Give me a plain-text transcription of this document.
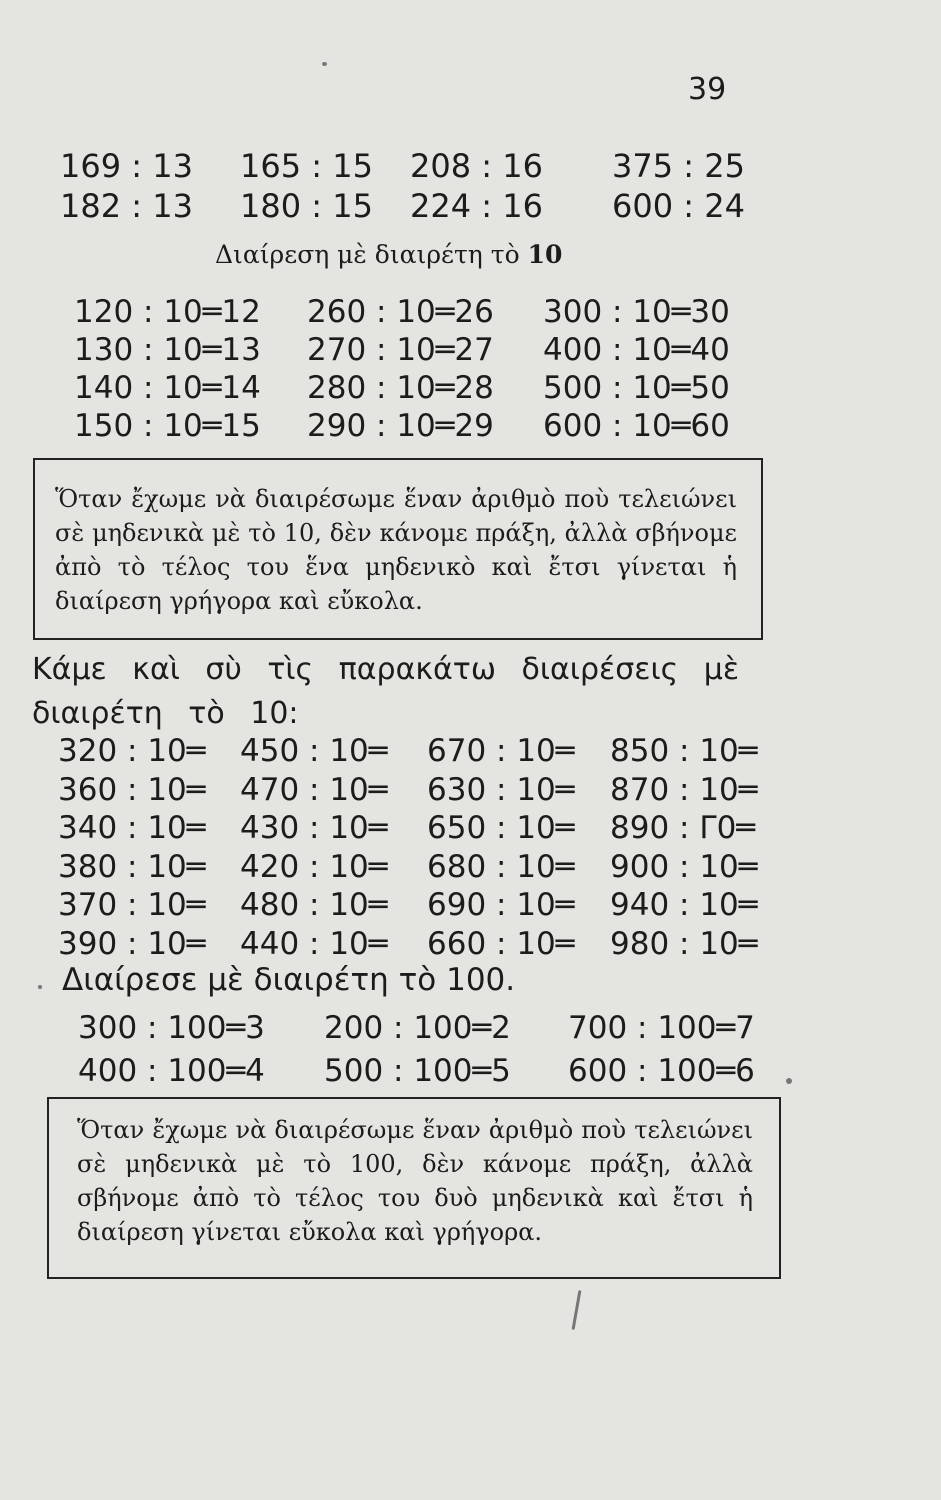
39
169 : 13
182 : 13
165 : 15
180 : 15
208 : 16
224 : 16
375 : 25
600 : 24
Διαίρεση μὲ διαιρέτη τὸ 10
120 : 10═12
130 : 10═13
140 : 10═14
150 : 10═15
260 : 10═26
270 : 10═27
280 : 10═28
290 : 10═29
300 : 10═30
400 : 10═40
500 : 10═50
600 : 10═60

Ὅταν ἔχωμε νὰ διαιρέσωμε ἕναν ἀριθμὸ ποὺ τελειώνει σὲ μηδενικὰ μὲ τὸ 10, δὲν κάνομε πράξη, ἀλλὰ σβήνομε ἀπὸ τὸ τέλος του ἕνα μηδενικὸ καὶ ἔτσι γίνεται ἡ διαίρεση γρήγορα καὶ εὔκολα.

Κάμε καὶ σὺ τὶς παρακάτω διαιρέσεις μὲ διαιρέτη τὸ 10:
320 : 10═
360 : 10═
340 : 10═
380 : 10═
370 : 10═
390 : 10═
450 : 10═
470 : 10═
430 : 10═
420 : 10═
480 : 10═
440 : 10═
670 : 10═
630 : 10═
650 : 10═
680 : 10═
690 : 10═
660 : 10═
850 : 10═
870 : 10═
890 : Γ0═
900 : 10═
940 : 10═
980 : 10═
Διαίρεσε μὲ διαιρέτη τὸ 100.
300 : 100═3
400 : 100═4
200 : 100═2
500 : 100═5
700 : 100═7
600 : 100═6

Ὅταν ἔχωμε νὰ διαιρέσωμε ἕναν ἀριθμὸ ποὺ τελειώνει σὲ μηδενικὰ μὲ τὸ 100, δὲν κάνομε πράξη, ἀλλὰ σβήνομε ἀπὸ τὸ τέλος του δυὸ μηδενικὰ καὶ ἔτσι ἡ διαίρεση γίνεται εὔκολα καὶ γρήγορα.
